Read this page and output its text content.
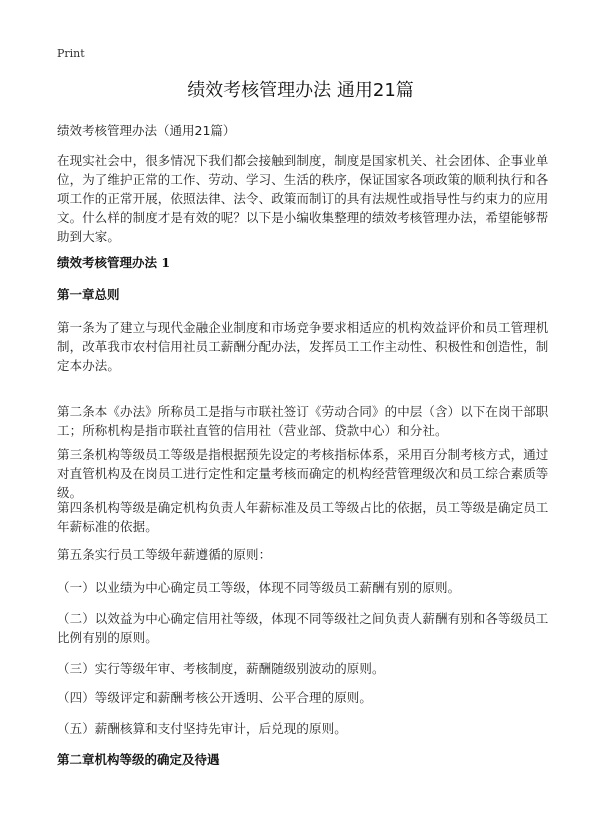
Print
绩效考核管理办法 通用21篇

绩效考核管理办法（通用21篇）

在现实社会中，很多情况下我们都会接触到制度，制度是国家机关、社会团体、企事业单位，为了维护正常的工作、劳动、学习、生活的秩序，保证国家各项政策的顺利执行和各项工作的正常开展，依照法律、法令、政策而制订的具有法规性或指导性与约束力的应用文。什么样的制度才是有效的呢？以下是小编收集整理的绩效考核管理办法，希望能够帮助到大家。

绩效考核管理办法 1

第一章总则

第一条为了建立与现代金融企业制度和市场竞争要求相适应的机构效益评价和员工管理机制，改革我市农村信用社员工薪酬分配办法，发挥员工工作主动性、积极性和创造性，制定本办法。

第二条本《办法》所称员工是指与市联社签订《劳动合同》的中层（含）以下在岗干部职工；所称机构是指市联社直管的信用社（营业部、贷款中心）和分社。

第三条机构等级员工等级是指根据预先设定的考核指标体系，采用百分制考核方式，通过对直管机构及在岗员工进行定性和定量考核而确定的机构经营管理级次和员工综合素质等级。

第四条机构等级是确定机构负责人年薪标准及员工等级占比的依据，员工等级是确定员工年薪标准的依据。

第五条实行员工等级年薪遵循的原则：

（一）以业绩为中心确定员工等级，体现不同等级员工薪酬有别的原则。

（二）以效益为中心确定信用社等级，体现不同等级社之间负责人薪酬有别和各等级员工比例有别的原则。

（三）实行等级年审、考核制度，薪酬随级别波动的原则。

（四）等级评定和薪酬考核公开透明、公平合理的原则。

（五）薪酬核算和支付坚持先审计，后兑现的原则。

第二章机构等级的确定及待遇
